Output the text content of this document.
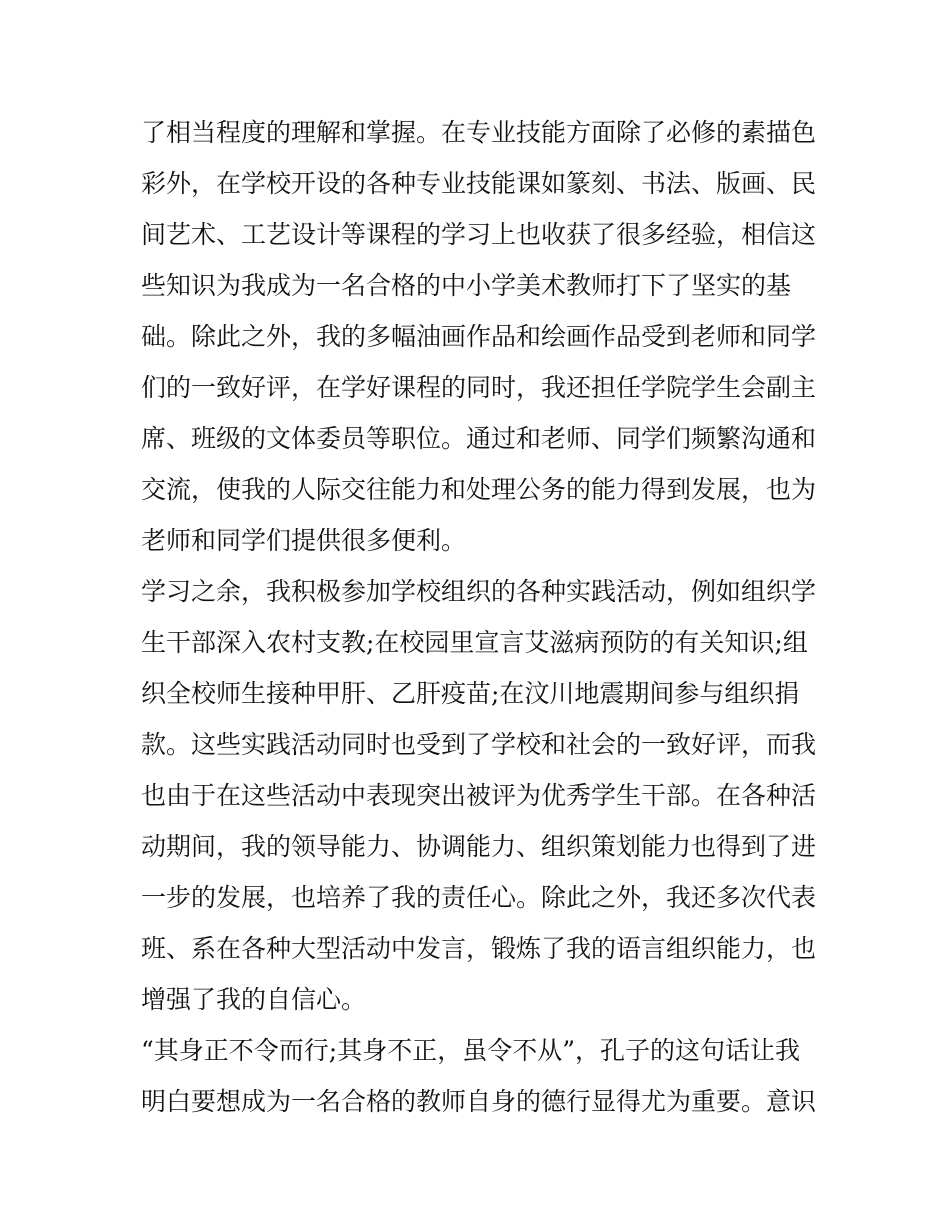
了相当程度的理解和掌握。在专业技能方面除了必修的素描色
彩外，在学校开设的各种专业技能课如篆刻、书法、版画、民
间艺术、工艺设计等课程的学习上也收获了很多经验，相信这
些知识为我成为一名合格的中小学美术教师打下了坚实的基
础。除此之外，我的多幅油画作品和绘画作品受到老师和同学
们的一致好评，在学好课程的同时，我还担任学院学生会副主
席、班级的文体委员等职位。通过和老师、同学们频繁沟通和
交流，使我的人际交往能力和处理公务的能力得到发展，也为
老师和同学们提供很多便利。
学习之余，我积极参加学校组织的各种实践活动，例如组织学
生干部深入农村支教;在校园里宣言艾滋病预防的有关知识;组
织全校师生接种甲肝、乙肝疫苗;在汶川地震期间参与组织捐
款。这些实践活动同时也受到了学校和社会的一致好评，而我
也由于在这些活动中表现突出被评为优秀学生干部。在各种活
动期间，我的领导能力、协调能力、组织策划能力也得到了进
一步的发展，也培养了我的责任心。除此之外，我还多次代表
班、系在各种大型活动中发言，锻炼了我的语言组织能力，也
增强了我的自信心。
“其身正不令而行;其身不正，虽令不从”，孔子的这句话让我
明白要想成为一名合格的教师自身的德行显得尤为重要。意识
